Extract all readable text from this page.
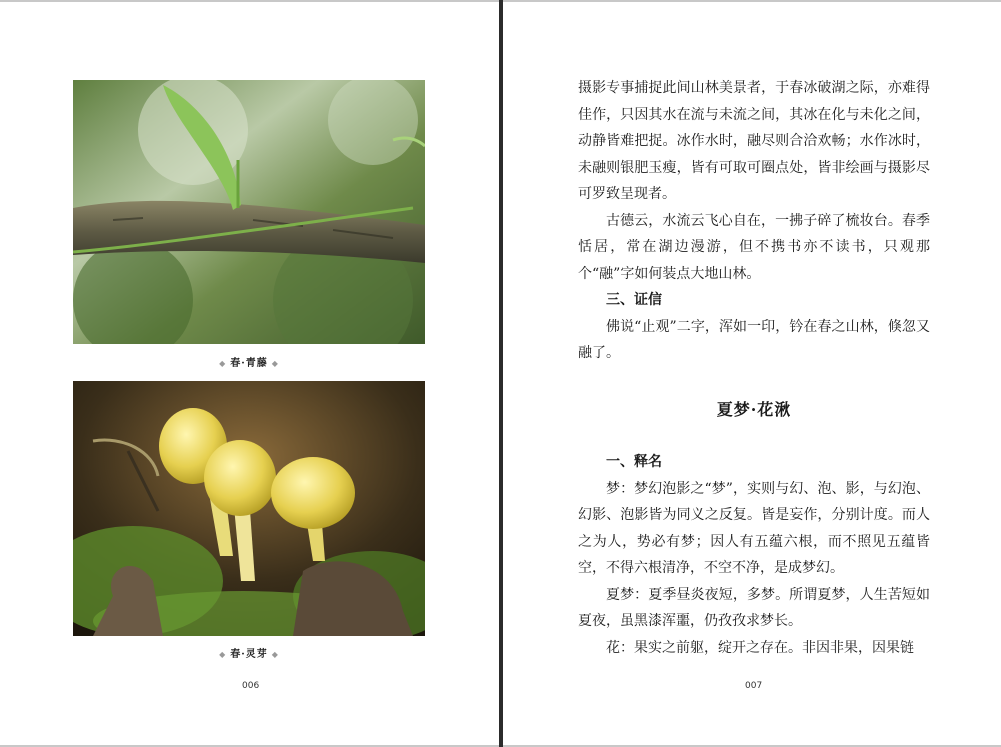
◆ 春·青藤 ◆
◆ 春·灵芽 ◆
006

摄影专事捕捉此间山林美景者，于春冰破湖之际，亦难得佳作，只因其水在流与未流之间，其冰在化与未化之间，动静皆难把捉。冰作水时，融尽则合洽欢畅；水作冰时，未融则银肥玉瘦，皆有可取可圈点处，皆非绘画与摄影尽可罗致呈现者。

古德云，水流云飞心自在，一拂子碎了梳妆台。春季恬居，常在湖边漫游，但不携书亦不读书，只观那个“融”字如何装点大地山林。

三、证信

佛说“止观”二字，浑如一印，钤在春之山林，倏忽又融了。

夏梦·花湫

一、释名

梦：梦幻泡影之“梦”，实则与幻、泡、影，与幻泡、幻影、泡影皆为同义之反复。皆是妄作，分别计度。而人之为人，势必有梦；因人有五蕴六根，而不照见五蕴皆空，不得六根清净，不空不净，是成梦幻。

夏梦：夏季昼炎夜短，多梦。所谓夏梦，人生苦短如夏夜，虽黑漆浑噩，仍孜孜求梦长。

花：果实之前躯，绽开之存在。非因非果，因果链

007
